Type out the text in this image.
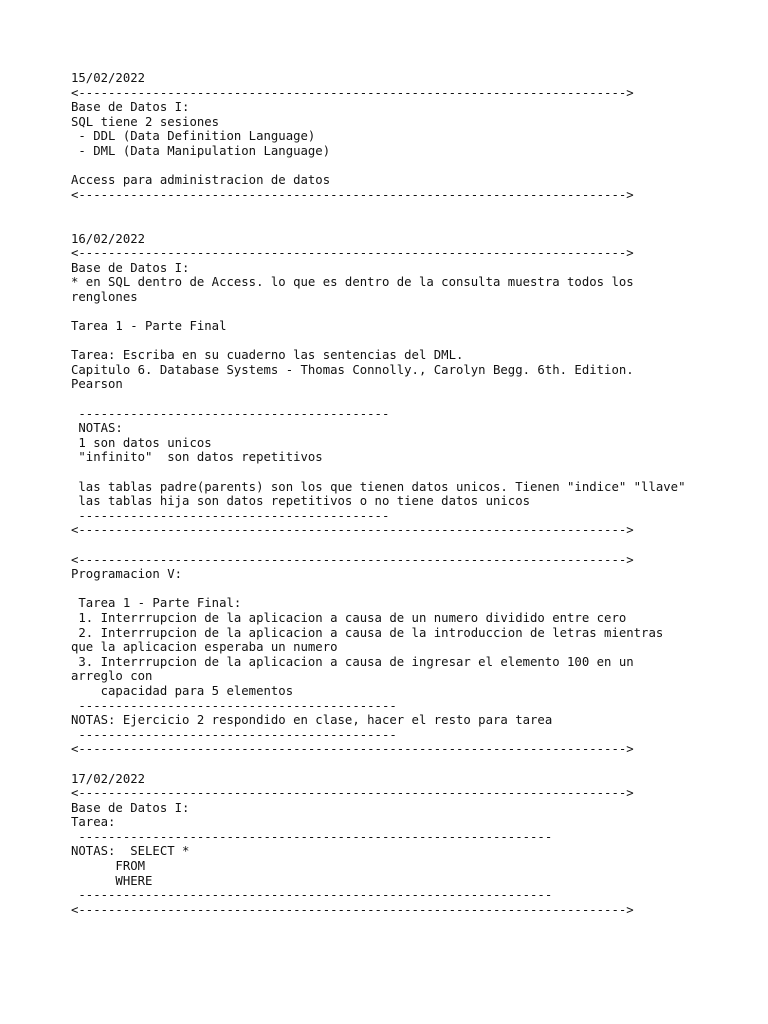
15/02/2022
<-------------------------------------------------------------------------->
Base de Datos I:
SQL tiene 2 sesiones
- DDL (Data Definition Language)
- DML (Data Manipulation Language)
Access para administracion de datos
<-------------------------------------------------------------------------->
16/02/2022
<-------------------------------------------------------------------------->
Base de Datos I:
* en SQL dentro de Access. lo que es dentro de la consulta muestra todos los
renglones
Tarea 1 - Parte Final
Tarea: Escriba en su cuaderno las sentencias del DML.
Capitulo 6. Database Systems - Thomas Connolly., Carolyn Begg. 6th. Edition.
Pearson
------------------------------------------
NOTAS:
1 son datos unicos
"infinito"  son datos repetitivos
las tablas padre(parents) son los que tienen datos unicos. Tienen "indice" "llave"
las tablas hija son datos repetitivos o no tiene datos unicos
------------------------------------------
<-------------------------------------------------------------------------->
<-------------------------------------------------------------------------->
Programacion V:
Tarea 1 - Parte Final:
1. Interrrupcion de la aplicacion a causa de un numero dividido entre cero
2. Interrrupcion de la aplicacion a causa de la introduccion de letras mientras
que la aplicacion esperaba un numero
3. Interrrupcion de la aplicacion a causa de ingresar el elemento 100 en un
arreglo con
capacidad para 5 elementos
-------------------------------------------
NOTAS: Ejercicio 2 respondido en clase, hacer el resto para tarea
-------------------------------------------
<-------------------------------------------------------------------------->
17/02/2022
<-------------------------------------------------------------------------->
Base de Datos I:
Tarea:
----------------------------------------------------------------
NOTAS:  SELECT *
FROM
WHERE
----------------------------------------------------------------
<-------------------------------------------------------------------------->
